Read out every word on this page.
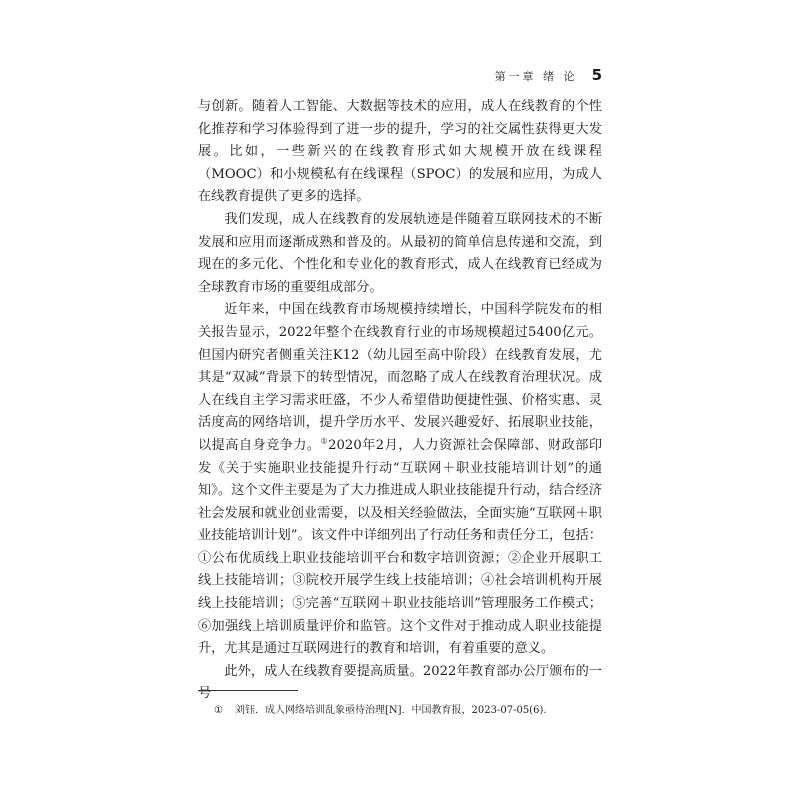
第一章 绪 论 5

与创新。随着人工智能、大数据等技术的应用，成人在线教育的个性化推荐和学习体验得到了进一步的提升，学习的社交属性获得更大发展。比如，一些新兴的在线教育形式如大规模开放在线课程（MOOC）和小规模私有在线课程（SPOC）的发展和应用，为成人在线教育提供了更多的选择。

我们发现，成人在线教育的发展轨迹是伴随着互联网技术的不断发展和应用而逐渐成熟和普及的。从最初的简单信息传递和交流，到现在的多元化、个性化和专业化的教育形式，成人在线教育已经成为全球教育市场的重要组成部分。

近年来，中国在线教育市场规模持续增长，中国科学院发布的相关报告显示，2022年整个在线教育行业的市场规模超过5400亿元。但国内研究者侧重关注K12（幼儿园至高中阶段）在线教育发展，尤其是“双减”背景下的转型情况，而忽略了成人在线教育治理状况。成人在线自主学习需求旺盛，不少人希望借助便捷性强、价格实惠、灵活度高的网络培训，提升学历水平、发展兴趣爱好、拓展职业技能，以提高自身竞争力。①2020年2月，人力资源社会保障部、财政部印发《关于实施职业技能提升行动“互联网＋职业技能培训计划”的通知》。这个文件主要是为了大力推进成人职业技能提升行动，结合经济社会发展和就业创业需要，以及相关经验做法，全面实施“互联网＋职业技能培训计划”。该文件中详细列出了行动任务和责任分工，包括：①公布优质线上职业技能培训平台和数字培训资源；②企业开展职工线上技能培训；③院校开展学生线上技能培训；④社会培训机构开展线上技能培训；⑤完善“互联网＋职业技能培训”管理服务工作模式；⑥加强线上培训质量评价和监管。这个文件对于推动成人职业技能提升，尤其是通过互联网进行的教育和培训，有着重要的意义。

此外，成人在线教育要提高质量。2022年教育部办公厅颁布的一号

① 刘钰．成人网络培训乱象亟待治理[N]．中国教育报，2023-07-05(6).
